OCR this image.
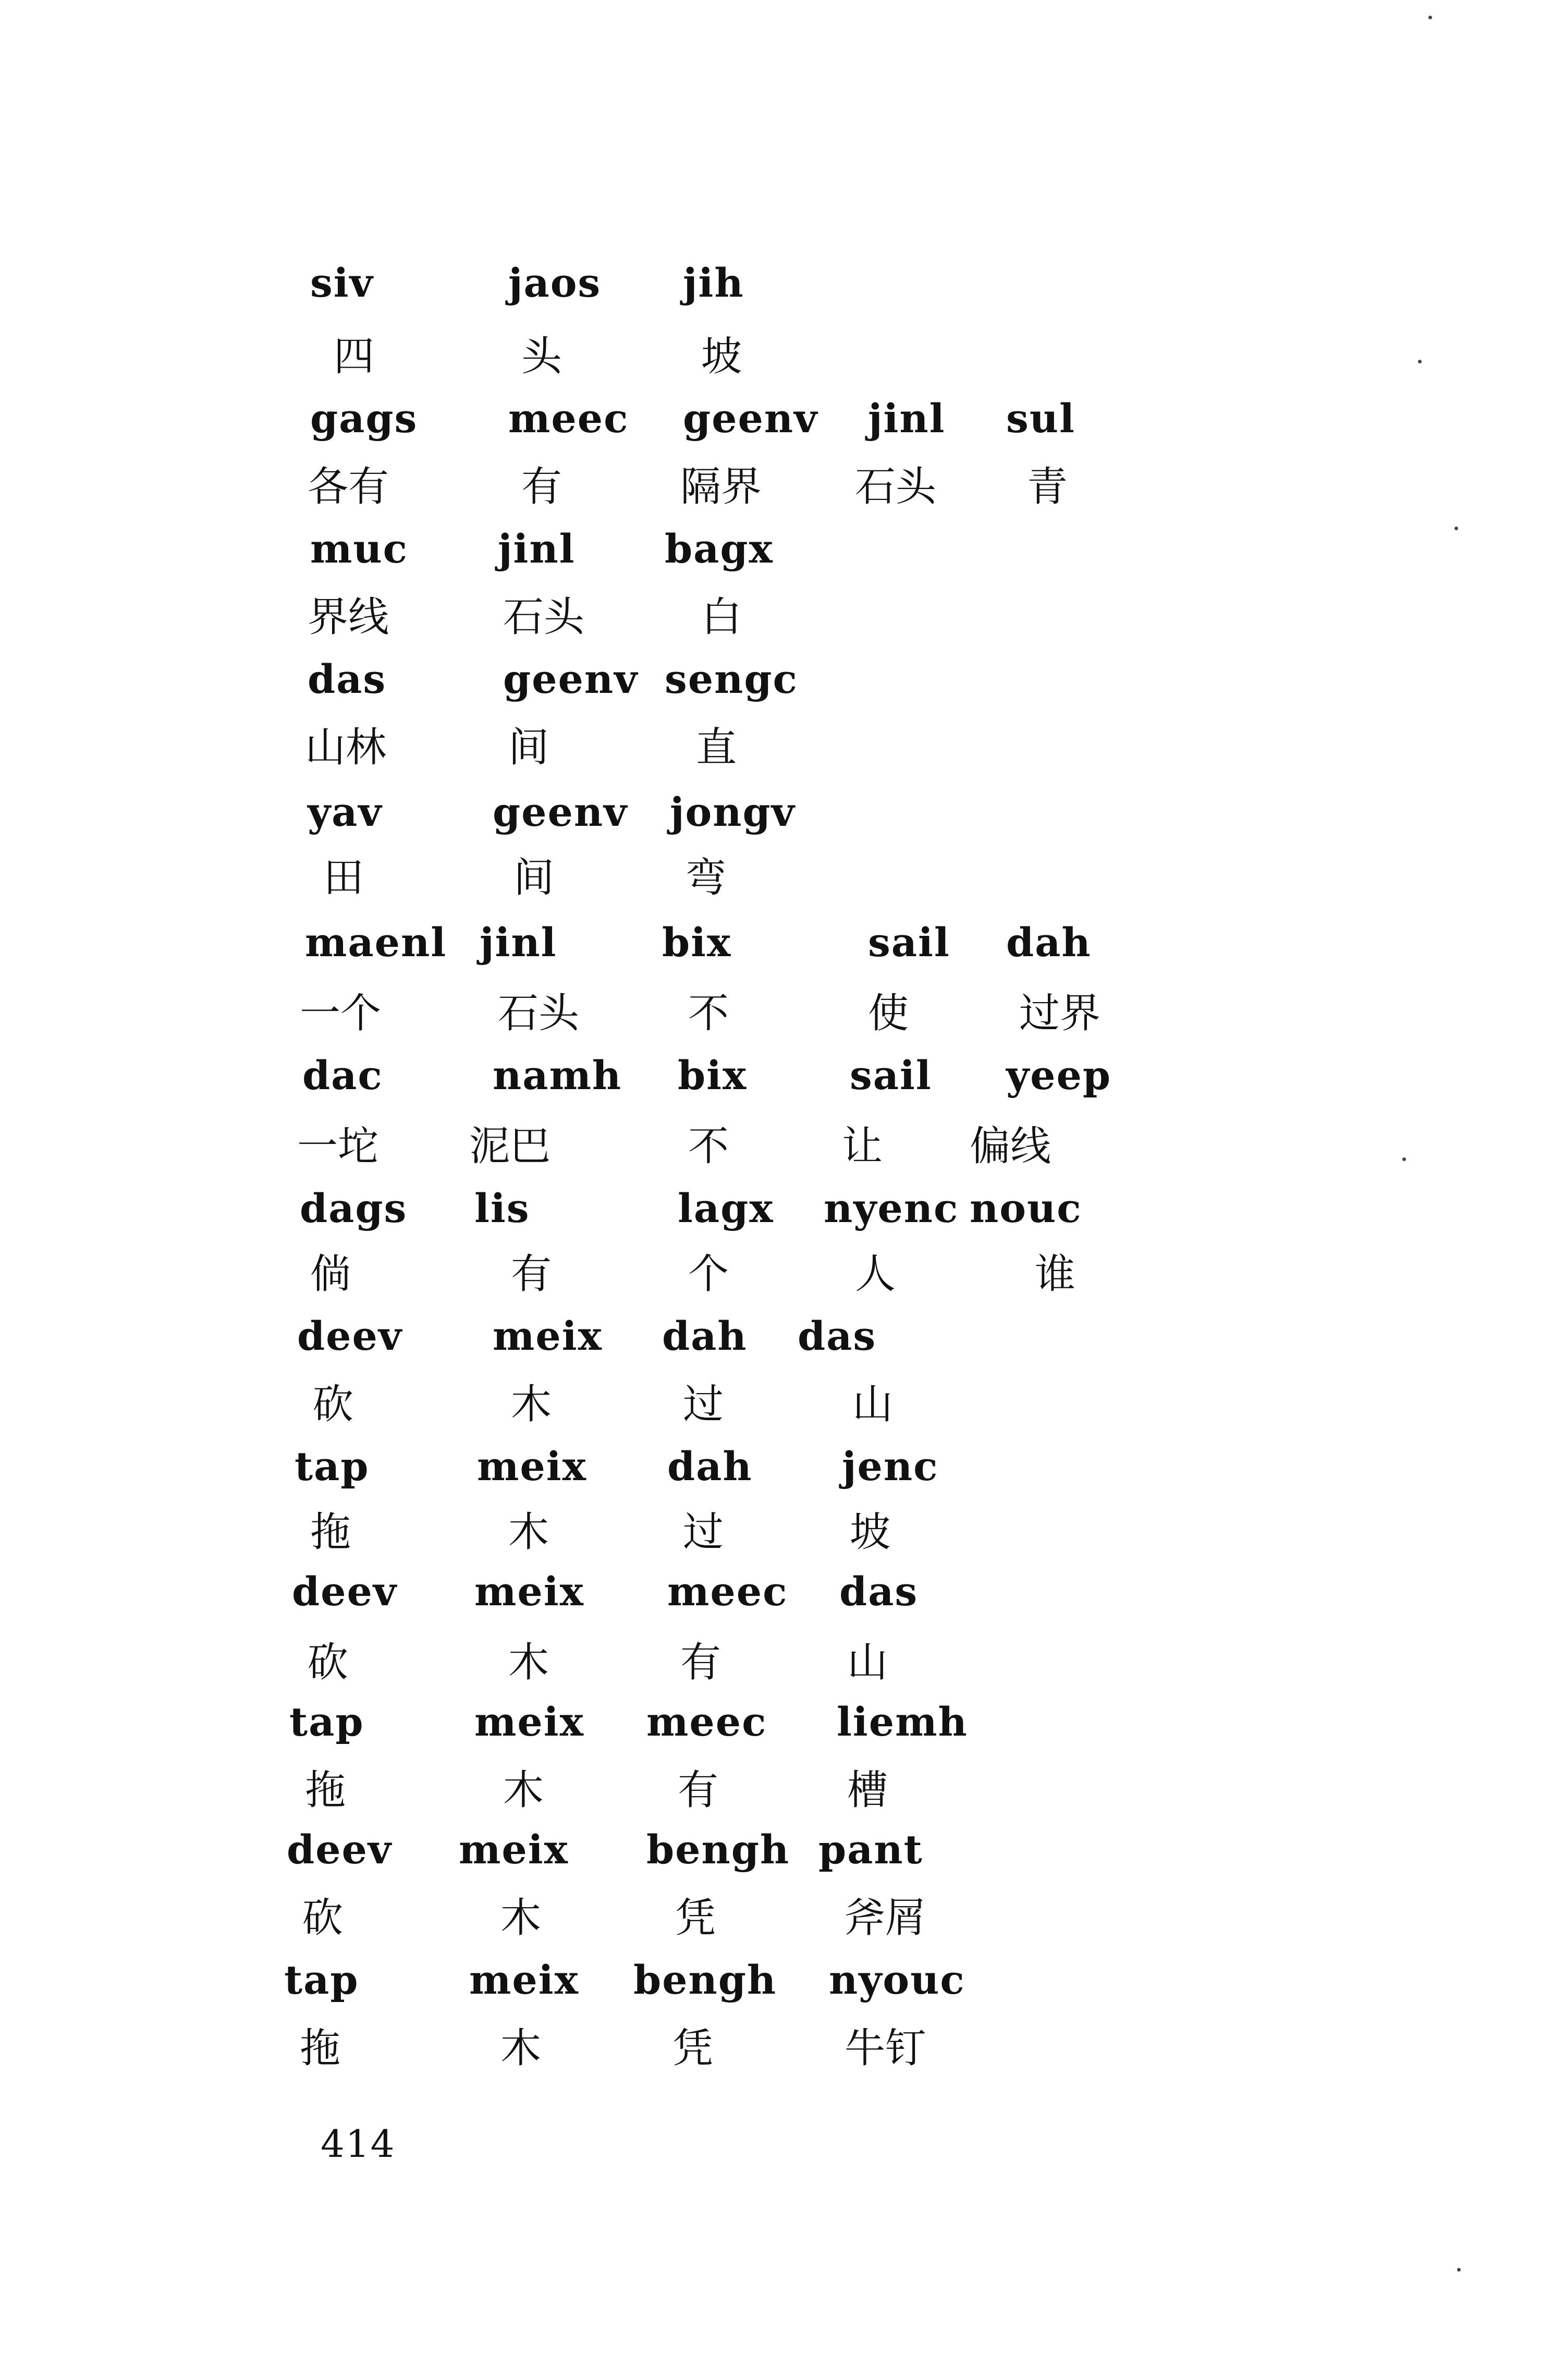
siv	jaos jih
四	头	坡
gags meec geenv jinl sul
各有	有	隔界 石头 青
muc jinl bagx
界线	石头	白
das	geenv sengc
山林	间	直
yav	geenv jongv
田	间	弯
maenl jinl	bix	sail dah
一个	石头	不	使	过界
dac	namh bix	sail yeep
一坨 泥巴	不	让 偏线
dags lis	lagx nyenc nouc
倘	有	个	人	谁
deev meix dah das
砍	木	过	山
tap	meix dah jenc
拖	木	过	坡
deev meix meec das
砍	木	有	山
tap	meix meec liemh
拖	木	有	槽
deev meix bengh pant
砍	木	凭	斧屑
tap	meix bengh nyouc
拖	木	凭	牛钉
414
